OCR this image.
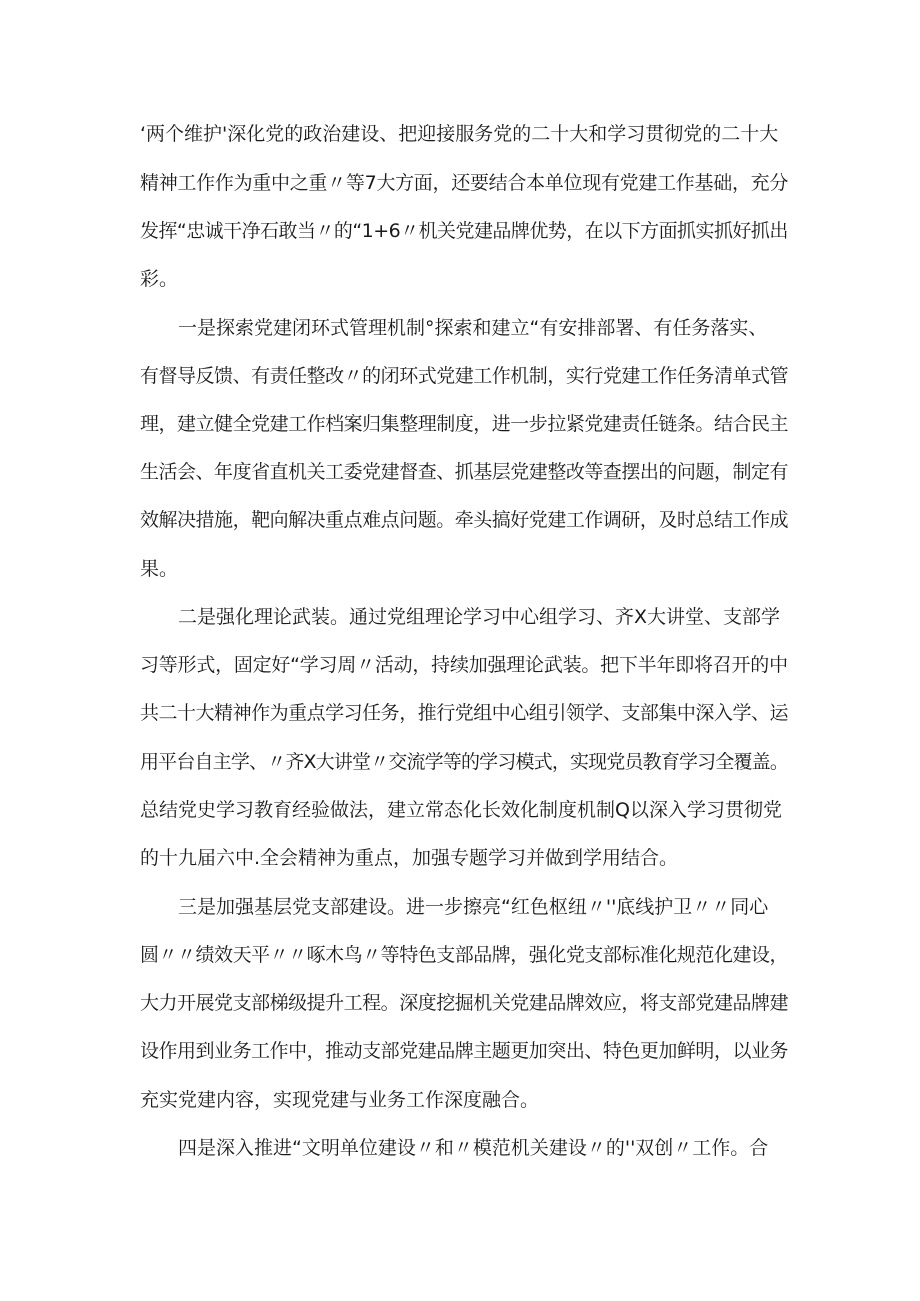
‘两个维护'深化党的政治建设、把迎接服务党的二十大和学习贯彻党的二十大
精神工作作为重中之重〃等7大方面，还要结合本单位现有党建工作基础，充分
发挥“忠诚干净石敢当〃的“1+6〃机关党建品牌优势，在以下方面抓实抓好抓出
彩。
一是探索党建闭环式管理机制°探索和建立“有安排部署、有任务落实、
有督导反馈、有责任整改〃的闭环式党建工作机制，实行党建工作任务清单式管
理，建立健全党建工作档案归集整理制度，进一步拉紧党建责任链条。结合民主
生活会、年度省直机关工委党建督查、抓基层党建整改等查摆出的问题，制定有
效解决措施，靶向解决重点难点问题。牵头搞好党建工作调研，及时总结工作成
果。
二是强化理论武装。通过党组理论学习中心组学习、齐X大讲堂、支部学
习等形式，固定好“学习周〃活动，持续加强理论武装。把下半年即将召开的中
共二十大精神作为重点学习任务，推行党组中心组引领学、支部集中深入学、运
用平台自主学、〃齐X大讲堂〃交流学等的学习模式，实现党员教育学习全覆盖。
总结党史学习教育经验做法，建立常态化长效化制度机制Q以深入学习贯彻党
的十九届六中.全会精神为重点，加强专题学习并做到学用结合。
三是加强基层党支部建设。进一步擦亮“红色枢纽〃''底线护卫〃〃同心
圆〃〃绩效天平〃〃啄木鸟〃等特色支部品牌，强化党支部标准化规范化建设，
大力开展党支部梯级提升工程。深度挖掘机关党建品牌效应，将支部党建品牌建
设作用到业务工作中，推动支部党建品牌主题更加突出、特色更加鲜明，以业务
充实党建内容，实现党建与业务工作深度融合。
四是深入推进“文明单位建设〃和〃模范机关建设〃的''双创〃工作。合
